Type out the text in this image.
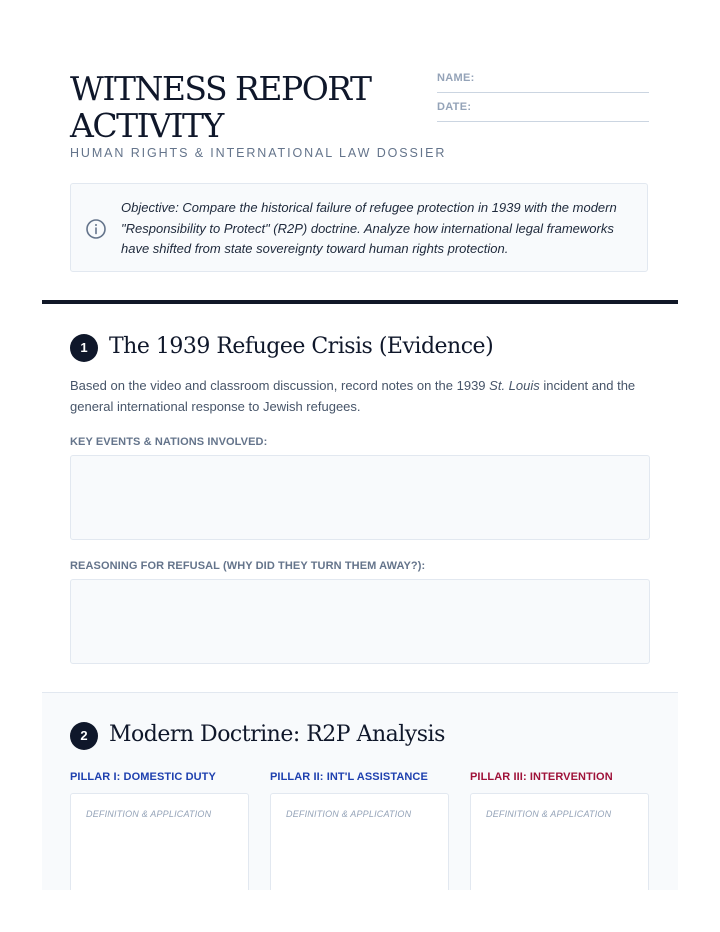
WITNESS REPORT ACTIVITY
HUMAN RIGHTS & INTERNATIONAL LAW DOSSIER
NAME:
DATE:

Objective: Compare the historical failure of refugee protection in 1939 with the modern "Responsibility to Protect" (R2P) doctrine. Analyze how international legal frameworks have shifted from state sovereignty toward human rights protection.

1 The 1939 Refugee Crisis (Evidence)

Based on the video and classroom discussion, record notes on the 1939 St. Louis incident and the general international response to Jewish refugees.

KEY EVENTS & NATIONS INVOLVED:
REASONING FOR REFUSAL (WHY DID THEY TURN THEM AWAY?):
2 Modern Doctrine: R2P Analysis
PILLAR I: DOMESTIC DUTY	PILLAR II: INT'L ASSISTANCE	PILLAR III: INTERVENTION
DEFINITION & APPLICATION	DEFINITION & APPLICATION	DEFINITION & APPLICATION
